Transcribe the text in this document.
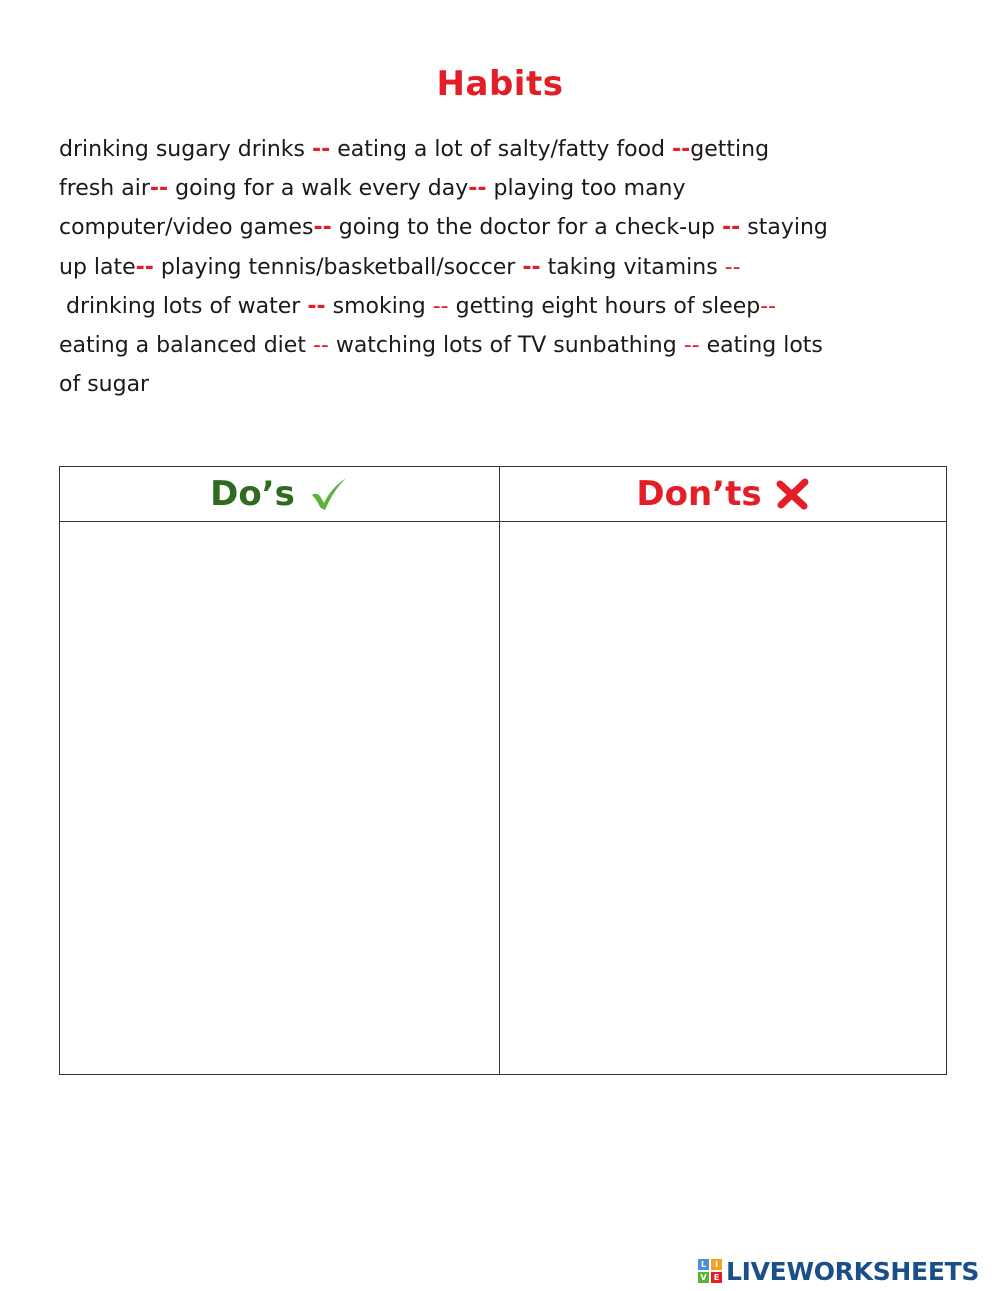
Habits
drinking sugary drinks -- eating a lot of salty/fatty food --getting
fresh air-- going for a walk every day-- playing too many
computer/video games-- going to the doctor for a check-up -- staying
up late-- playing tennis/basketball/soccer -- taking vitamins --
drinking lots of water -- smoking -- getting eight hours of sleep--
eating a balanced diet -- watching lots of TV sunbathing -- eating lots
of sugar
Do’s	Don’ts
L	I
V E LIVEWORKSHEETS
